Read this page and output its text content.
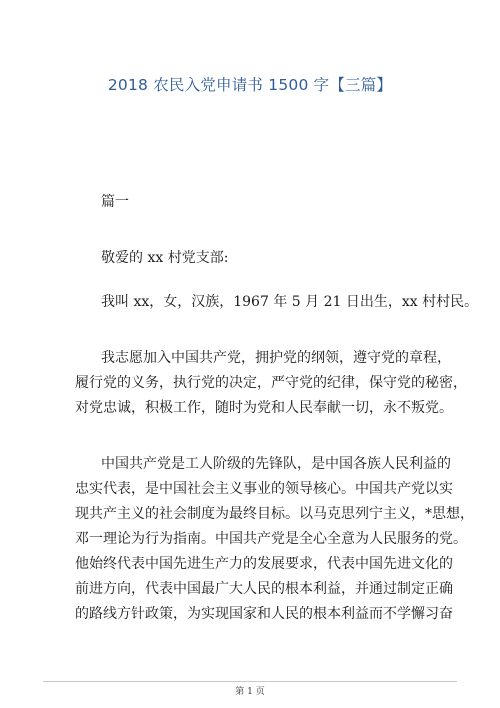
2018 农民入党申请书 1500 字【三篇】
篇一
敬爱的 xx 村党支部:
我叫 xx，女，汉族，1967 年 5 月 21 日出生，xx 村村民。
我志愿加入中国共产党，拥护党的纲领，遵守党的章程，
履行党的义务，执行党的决定，严守党的纪律，保守党的秘密，
对党忠诚，积极工作，随时为党和人民奉献一切，永不叛党。
中国共产党是工人阶级的先锋队，是中国各族人民利益的
忠实代表，是中国社会主义事业的领导核心。中国共产党以实
现共产主义的社会制度为最终目标。以马克思列宁主义，*思想，
邓一理论为行为指南。中国共产党是全心全意为人民服务的党。
他始终代表中国先进生产力的发展要求，代表中国先进文化的
前进方向，代表中国最广大人民的根本利益，并通过制定正确
的路线方针政策，为实现国家和人民的根本利益而不学懈习奋
第 1 页
